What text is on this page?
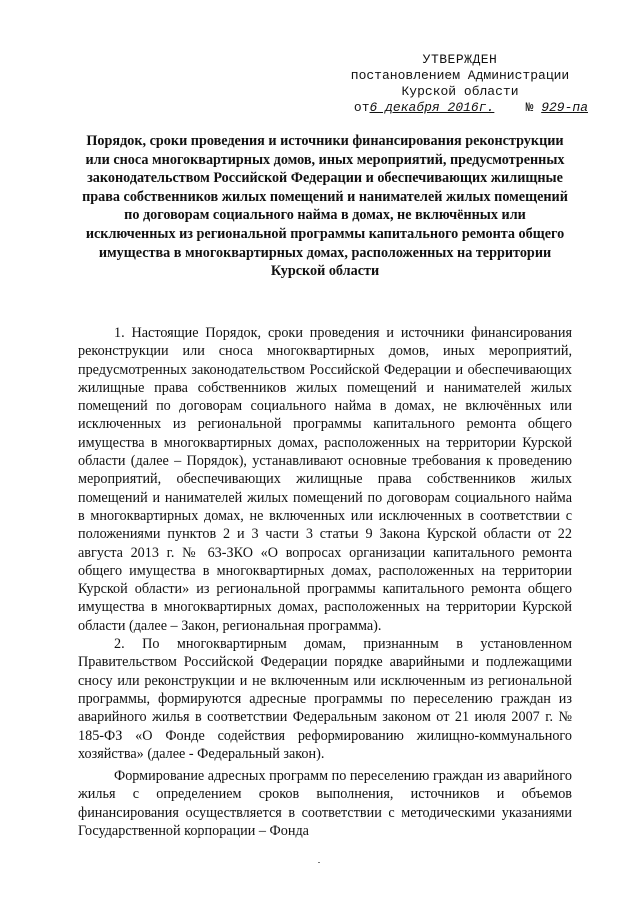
УТВЕРЖДЕН
постановлением Администрации
Курской области
от6 декабря 2016г. № 929-па
Порядок, сроки проведения и источники финансирования реконструкции или сноса многоквартирных домов, иных мероприятий, предусмотренных законодательством Российской Федерации и обеспечивающих жилищные права собственников жилых помещений и нанимателей жилых помещений по договорам социального найма в домах, не включённых или исключенных из региональной программы капитального ремонта общего имущества в многоквартирных домах, расположенных на территории Курской области

1. Настоящие Порядок, сроки проведения и источники финансирования реконструкции или сноса многоквартирных домов, иных мероприятий, предусмотренных законодательством Российской Федерации и обеспечивающих жилищные права собственников жилых помещений и нанимателей жилых помещений по договорам социального найма в домах, не включённых или исключенных из региональной программы капитального ремонта общего имущества в многоквартирных домах, расположенных на территории Курской области (далее – Порядок), устанавливают основные требования к проведению мероприятий, обеспечивающих жилищные права собственников жилых помещений и нанимателей жилых помещений по договорам социального найма в многоквартирных домах, не включенных или исключенных в соответствии с положениями пунктов 2 и 3 части 3 статьи 9 Закона Курской области от 22 августа 2013 г. № 63-ЗКО «О вопросах организации капитального ремонта общего имущества в многоквартирных домах, расположенных на территории Курской области» из региональной программы капитального ремонта общего имущества в многоквартирных домах, расположенных на территории Курской области (далее – Закон, региональная программа).

2. По многоквартирным домам, признанным в установленном Правительством Российской Федерации порядке аварийными и подлежащими сносу или реконструкции и не включенным или исключенным из региональной программы, формируются адресные программы по переселению граждан из аварийного жилья в соответствии Федеральным законом от 21 июля 2007 г. № 185-ФЗ «О Фонде содействия реформированию жилищно-коммунального хозяйства» (далее - Федеральный закон).

Формирование адресных программ по переселению граждан из аварийного жилья с определением сроков выполнения, источников и объемов финансирования осуществляется в соответствии с методическими указаниями Государственной корпорации – Фонда
